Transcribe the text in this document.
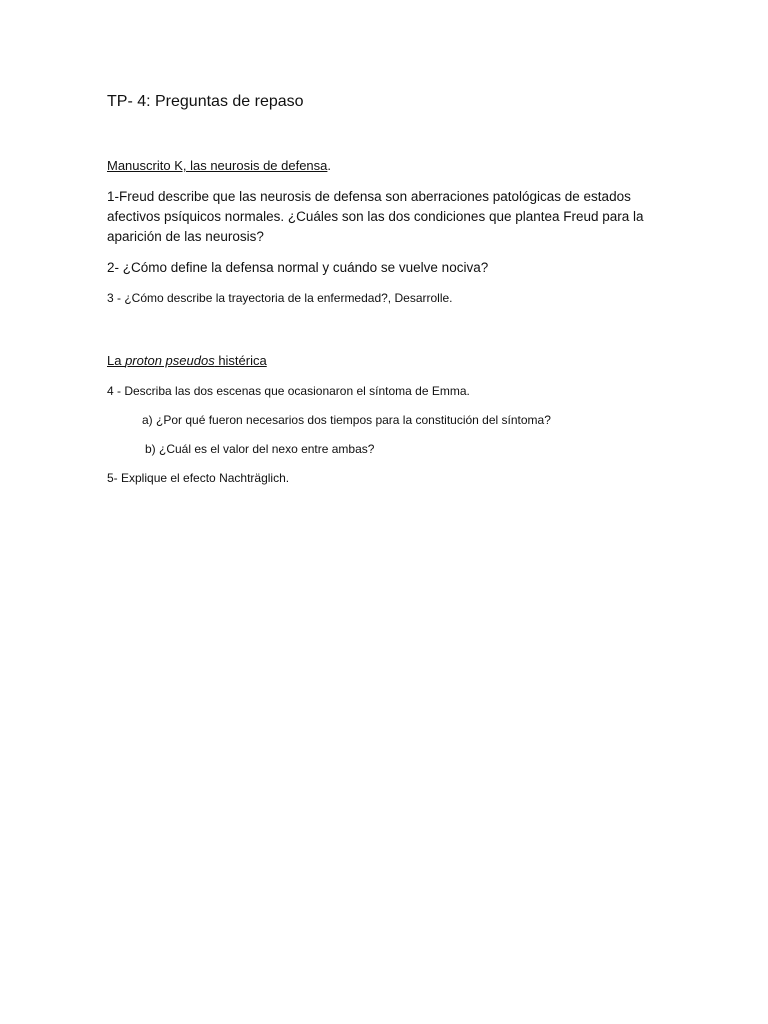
TP- 4: Preguntas de repaso

Manuscrito K, las neurosis de defensa.

1-Freud describe que las neurosis de defensa son aberraciones patológicas de estados afectivos psíquicos normales. ¿Cuáles son las dos condiciones que plantea Freud para la aparición de las neurosis?

2- ¿Cómo define la defensa normal y cuándo se vuelve nociva?

3 - ¿Cómo describe la trayectoria de la enfermedad?, Desarrolle.

La proton pseudos histérica

4 - Describa las dos escenas que ocasionaron el síntoma de Emma.

a) ¿Por qué fueron necesarios dos tiempos para la constitución del síntoma?

b) ¿Cuál es el valor del nexo entre ambas?

5- Explique el efecto Nachträglich.
